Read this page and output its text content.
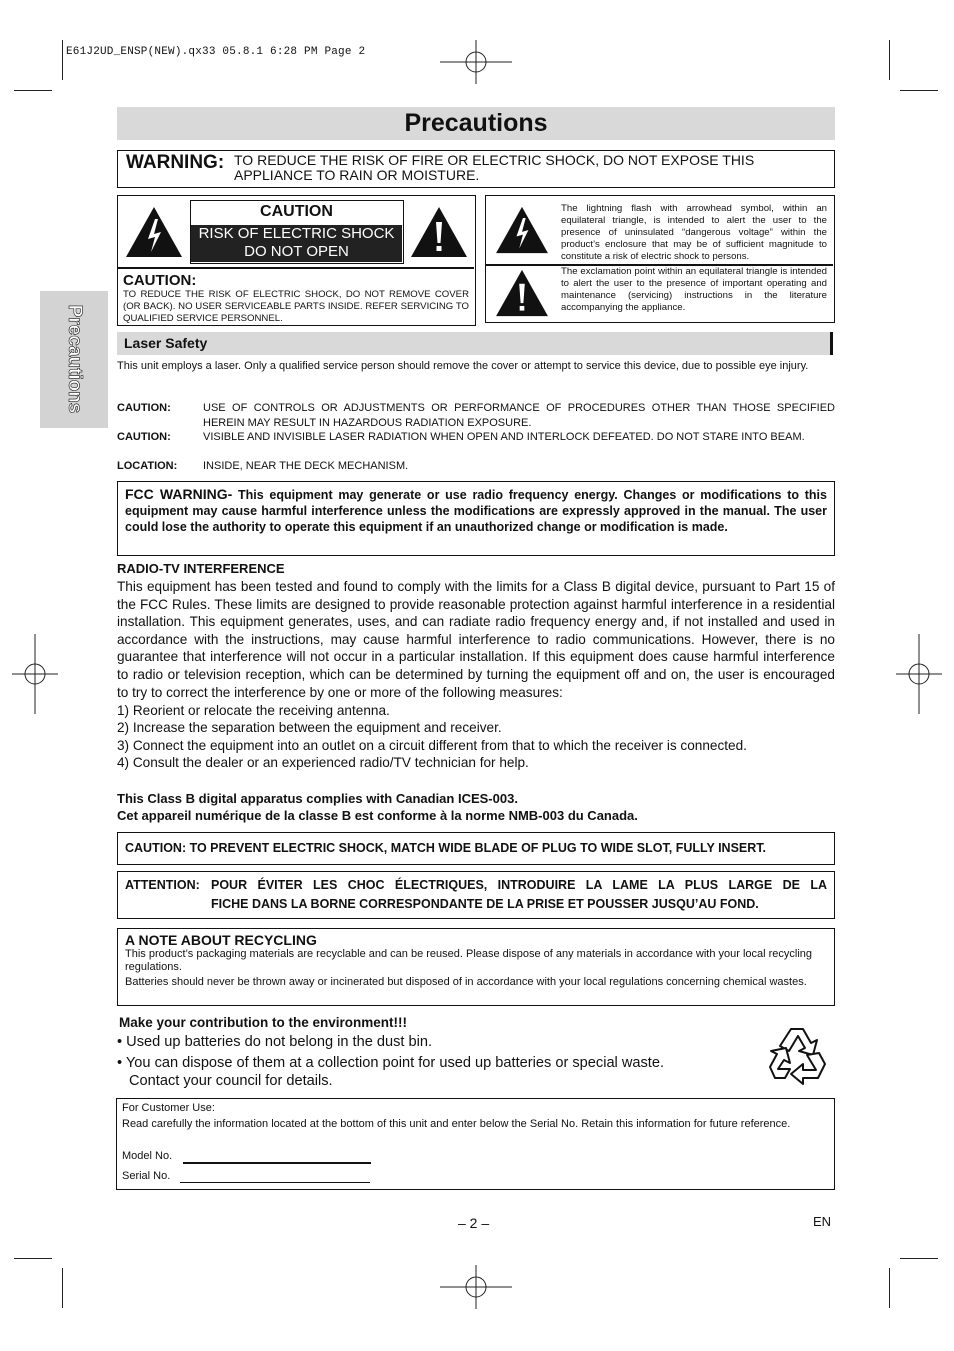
E61J2UD_ENSP(NEW).qx33 05.8.1 6:28 PM Page 2
Precautions
Precautions
WARNING: TO REDUCE THE RISK OF FIRE OR ELECTRIC SHOCK, DO NOT EXPOSE THIS APPLIANCE TO RAIN OR MOISTURE.
CAUTION
RISK OF ELECTRIC SHOCK
DO NOT OPEN
CAUTION:
TO REDUCE THE RISK OF ELECTRIC SHOCK, DO NOT REMOVE COVER (OR BACK). NO USER SERVICEABLE PARTS INSIDE. REFER SERVICING TO QUALIFIED SERVICE PERSONNEL.
The lightning flash with arrowhead symbol, within an equilateral triangle, is intended to alert the user to the presence of uninsulated “dangerous voltage” within the product’s enclosure that may be of sufficient magnitude to constitute a risk of electric shock to persons.
The exclamation point within an equilateral triangle is intended to alert the user to the presence of important operating and maintenance (servicing) instructions in the literature accompanying the appliance.
Laser Safety
This unit employs a laser. Only a qualified service person should remove the cover or attempt to service this device, due to possible eye injury.
CAUTION:	USE OF CONTROLS OR ADJUSTMENTS OR PERFORMANCE OF PROCEDURES OTHER THAN THOSE SPECIFIED HEREIN MAY RESULT IN HAZARDOUS RADIATION EXPOSURE.
CAUTION:	VISIBLE AND INVISIBLE LASER RADIATION WHEN OPEN AND INTERLOCK DEFEATED. DO NOT STARE INTO BEAM.
LOCATION:	INSIDE, NEAR THE DECK MECHANISM.
FCC WARNING- This equipment may generate or use radio frequency energy. Changes or modifications to this equipment may cause harmful interference unless the modifications are expressly approved in the manual. The user could lose the authority to operate this equipment if an unauthorized change or modification is made.
RADIO-TV INTERFERENCE
This equipment has been tested and found to comply with the limits for a Class B digital device, pursuant to Part 15 of the FCC Rules. These limits are designed to provide reasonable protection against harmful interference in a residential installation. This equipment generates, uses, and can radiate radio frequency energy and, if not installed and used in accordance with the instructions, may cause harmful interference to radio communications. However, there is no guarantee that interference will not occur in a particular installation. If this equipment does cause harmful interference to radio or television reception, which can be determined by turning the equipment off and on, the user is encouraged to try to correct the interference by one or more of the following measures:
1) Reorient or relocate the receiving antenna.
2) Increase the separation between the equipment and receiver.
3) Connect the equipment into an outlet on a circuit different from that to which the receiver is connected.
4) Consult the dealer or an experienced radio/TV technician for help.
This Class B digital apparatus complies with Canadian ICES-003.
Cet appareil numérique de la classe B est conforme à la norme NMB-003 du Canada.
CAUTION: TO PREVENT ELECTRIC SHOCK, MATCH WIDE BLADE OF PLUG TO WIDE SLOT, FULLY INSERT.
ATTENTION: POUR ÉVITER LES CHOC ÉLECTRIQUES, INTRODUIRE LA LAME LA PLUS LARGE DE LA
FICHE DANS LA BORNE CORRESPONDANTE DE LA PRISE ET POUSSER JUSQU’AU FOND.
A NOTE ABOUT RECYCLING
This product’s packaging materials are recyclable and can be reused. Please dispose of any materials in accordance with your local recycling regulations.
Batteries should never be thrown away or incinerated but disposed of in accordance with your local regulations concerning chemical wastes.
Make your contribution to the environment!!!
• Used up batteries do not belong in the dust bin.
• You can dispose of them at a collection point for used up batteries or special waste.
Contact your council for details.
For Customer Use:
Read carefully the information located at the bottom of this unit and enter below the Serial No. Retain this information for future reference.
Model No.
Serial No.
– 2 –	EN
